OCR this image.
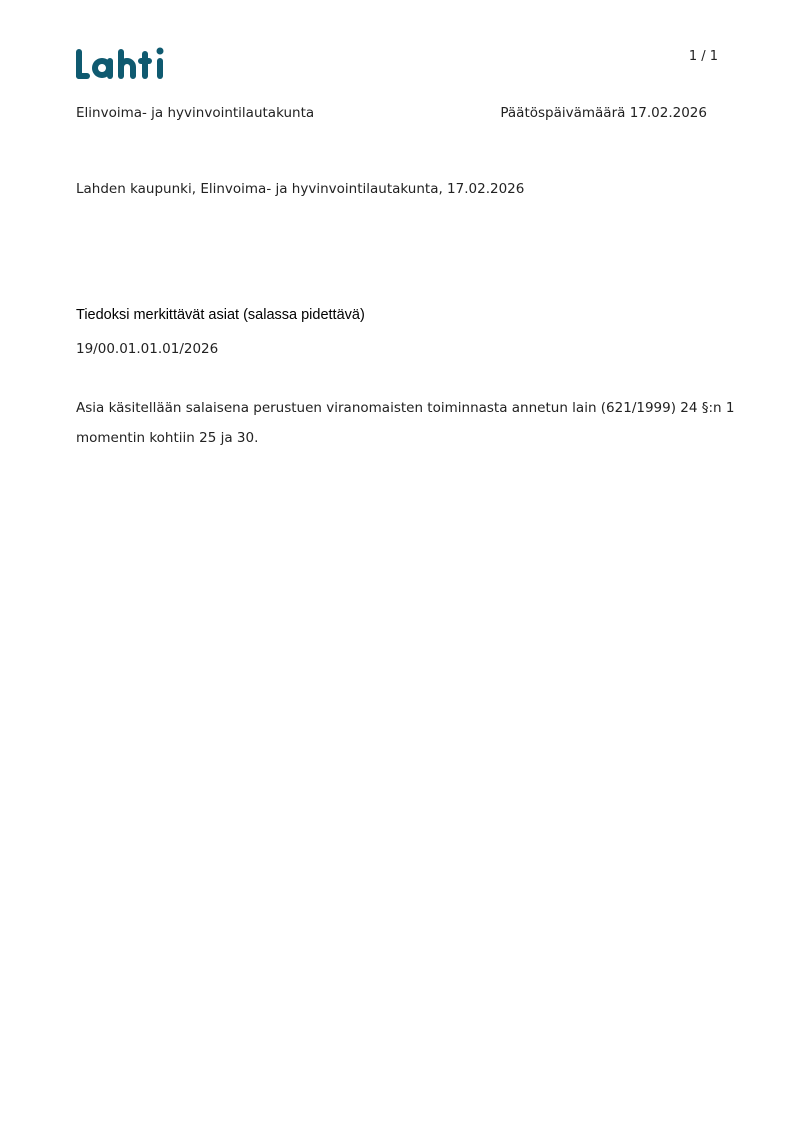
1 / 1
Elinvoima- ja hyvinvointilautakunta	Päätöspäivämäärä 17.02.2026
Lahden kaupunki, Elinvoima- ja hyvinvointilautakunta, 17.02.2026
Tiedoksi merkittävät asiat (salassa pidettävä)
19/00.01.01.01/2026
Asia käsitellään salaisena perustuen viranomaisten toiminnasta annetun lain (621/1999) 24 §:n 1
momentin kohtiin 25 ja 30.
